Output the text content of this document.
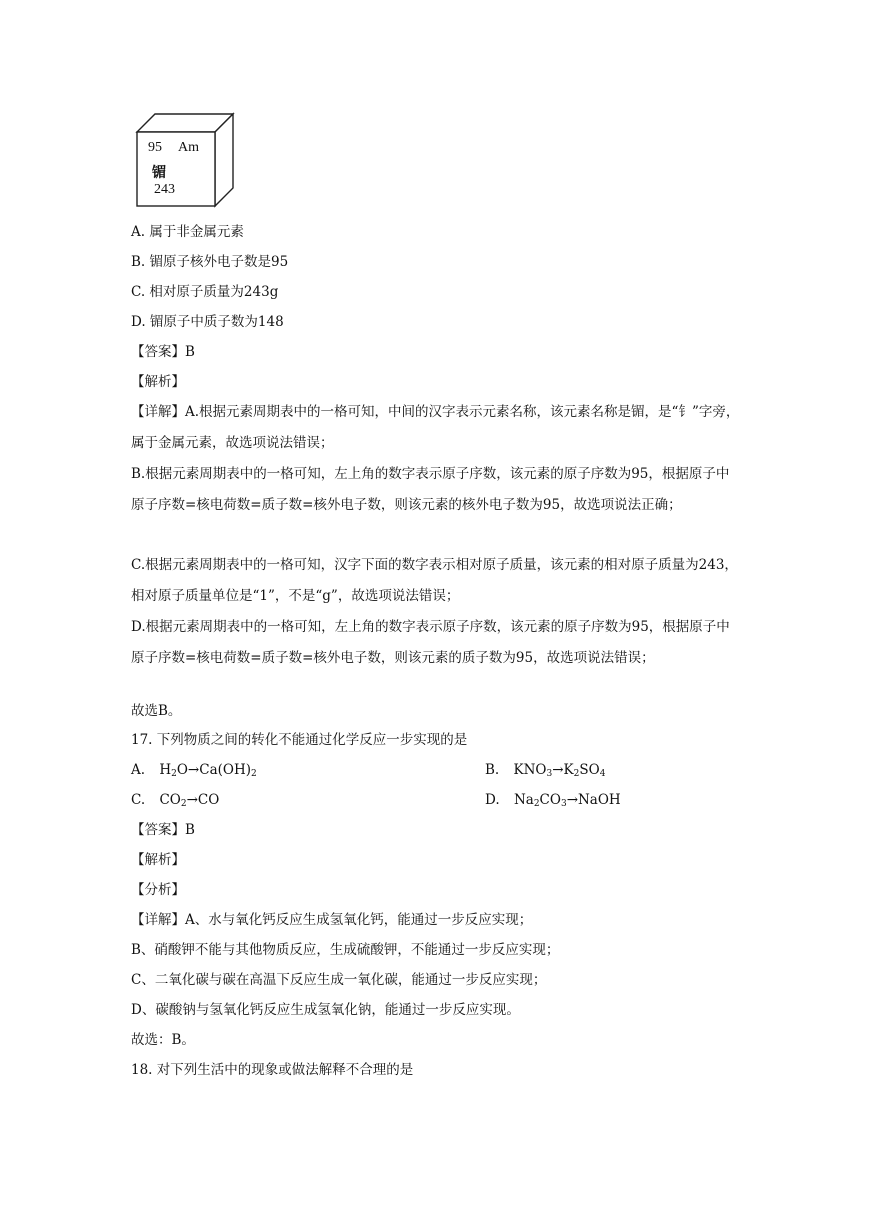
95 Am
镅
243
A. 属于非金属元素
B. 镅原子核外电子数是95
C. 相对原子质量为243g
D. 镅原子中质子数为148
【答案】B
【解析】
【详解】A.根据元素周期表中的一格可知，中间的汉字表示元素名称，该元素名称是镅，是“钅”字旁，属于金属元素，故选项说法错误；
B.根据元素周期表中的一格可知，左上角的数字表示原子序数，该元素的原子序数为95，根据原子中原子序数=核电荷数=质子数=核外电子数，则该元素的核外电子数为95，故选项说法正确；
C.根据元素周期表中的一格可知，汉字下面的数字表示相对原子质量，该元素的相对原子质量为243，相对原子质量单位是“1”，不是“g”，故选项说法错误；
D.根据元素周期表中的一格可知，左上角的数字表示原子序数，该元素的原子序数为95，根据原子中原子序数=核电荷数=质子数=核外电子数，则该元素的质子数为95，故选项说法错误；
故选B。
17. 下列物质之间的转化不能通过化学反应一步实现的是
A. $H_2O\to Ca(OH)_2$	B. $KNO_3\to K_2SO_4$
C. $CO_2\to CO$	D. $Na_2CO_3\to NaOH$
【答案】B
【解析】
【分析】
【详解】A、水与氧化钙反应生成氢氧化钙，能通过一步反应实现；
B、硝酸钾不能与其他物质反应，生成硫酸钾，不能通过一步反应实现；
C、二氧化碳与碳在高温下反应生成一氧化碳，能通过一步反应实现；
D、碳酸钠与氢氧化钙反应生成氢氧化钠，能通过一步反应实现。
故选：B。
18. 对下列生活中的现象或做法解释不合理的是
